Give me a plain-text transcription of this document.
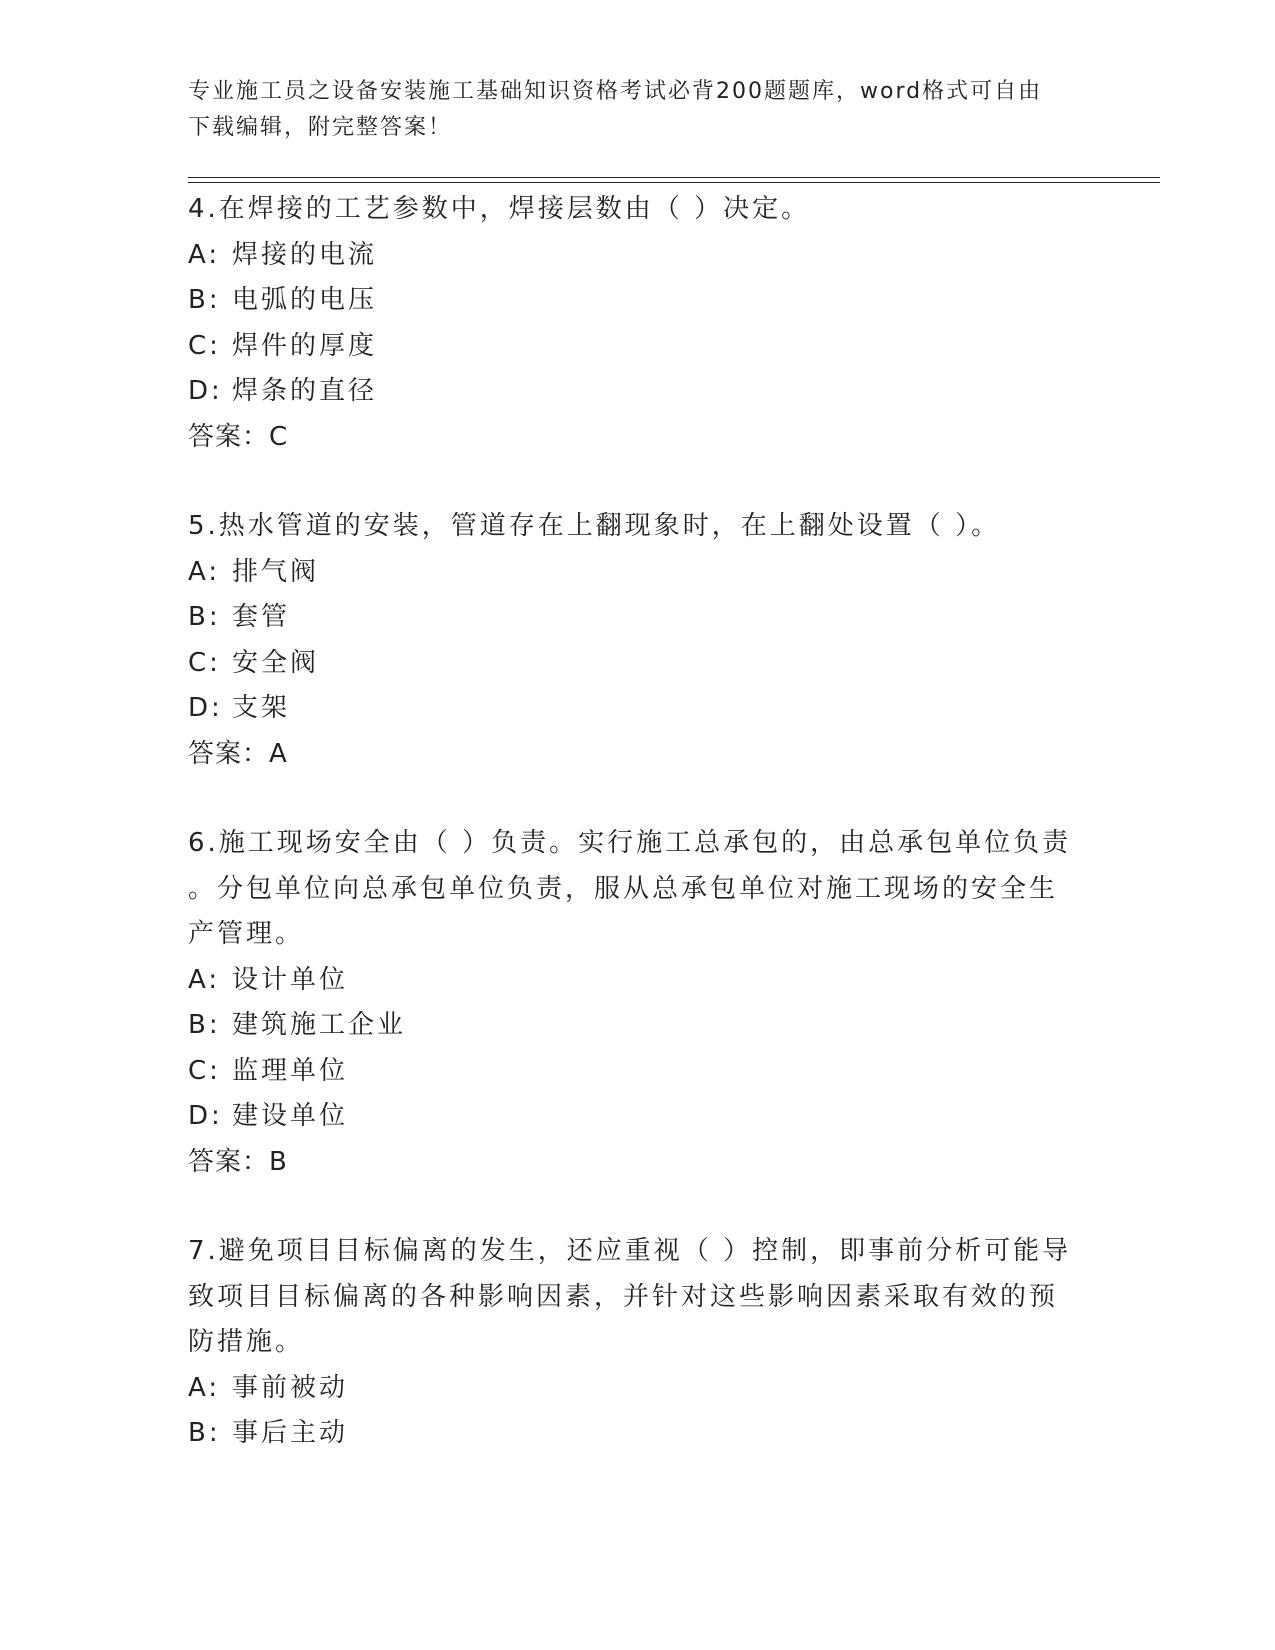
专业施工员之设备安装施工基础知识资格考试必背200题题库，word格式可自由
下载编辑，附完整答案！

4.在焊接的工艺参数中，焊接层数由（ ）决定。

A: 焊接的电流

B: 电弧的电压

C: 焊件的厚度

D: 焊条的直径

答案：C

5.热水管道的安装，管道存在上翻现象时，在上翻处设置（ ）。

A: 排气阀

B: 套管

C: 安全阀

D: 支架

答案：A

6.施工现场安全由（ ）负责。实行施工总承包的，由总承包单位负责

。分包单位向总承包单位负责，服从总承包单位对施工现场的安全生

产管理。

A: 设计单位

B: 建筑施工企业

C: 监理单位

D: 建设单位

答案：B

7.避免项目目标偏离的发生，还应重视（ ）控制，即事前分析可能导

致项目目标偏离的各种影响因素，并针对这些影响因素采取有效的预

防措施。

A: 事前被动

B: 事后主动
